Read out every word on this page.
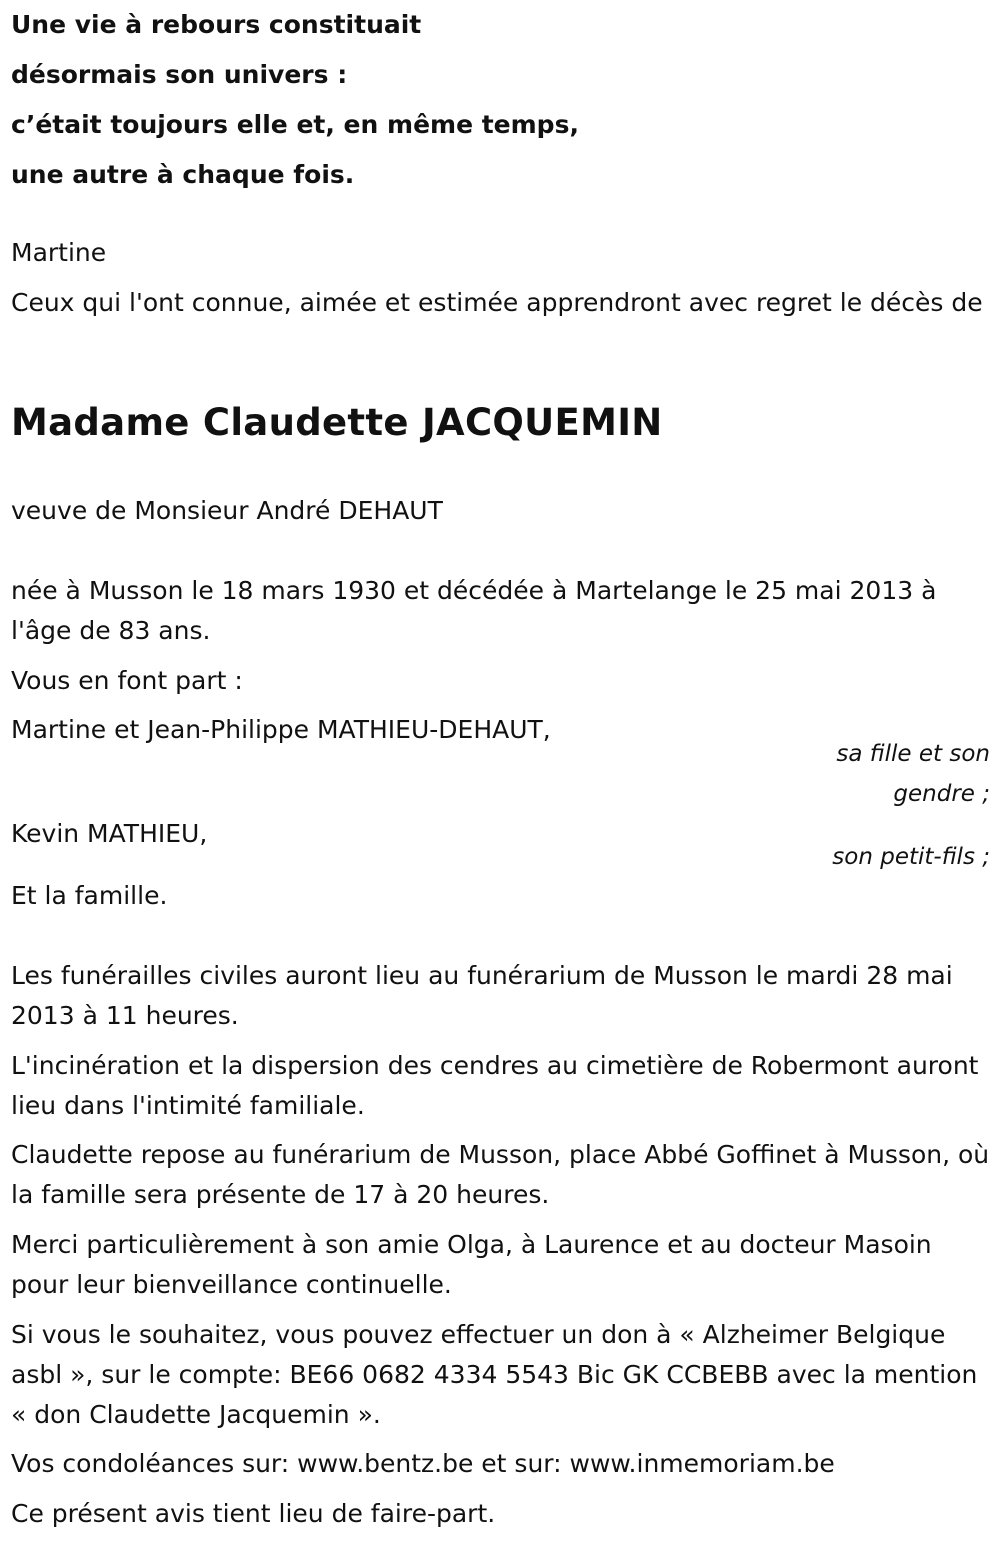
Une vie à rebours constituait

désormais son univers :

c’était toujours elle et, en même temps,

une autre à chaque fois.

Martine

Ceux qui l'ont connue, aimée et estimée apprendront avec regret le décès de

Madame Claudette JACQUEMIN

veuve de Monsieur André DEHAUT

née à Musson le 18 mars 1930 et décédée à Martelange le 25 mai 2013 à l'âge de 83 ans.

Vous en font part :

Martine et Jean-Philippe MATHIEU-DEHAUT,

sa fille et son
gendre ;

Kevin MATHIEU,

son petit-fils ;

Et la famille.

Les funérailles civiles auront lieu au funérarium de Musson le mardi 28 mai 2013 à 11 heures.

L'incinération et la dispersion des cendres au cimetière de Robermont auront lieu dans l'intimité familiale.

Claudette repose au funérarium de Musson, place Abbé Goffinet à Musson, où la famille sera présente de 17 à 20 heures.

Merci particulièrement à son amie Olga, à Laurence et au docteur Masoin pour leur bienveillance continuelle.

Si vous le souhaitez, vous pouvez effectuer un don à « Alzheimer Belgique asbl », sur le compte: BE66 0682 4334 5543 Bic GK CCBEBB avec la mention « don Claudette Jacquemin ».

Vos condoléances sur: www.bentz.be et sur: www.inmemoriam.be

Ce présent avis tient lieu de faire-part.
